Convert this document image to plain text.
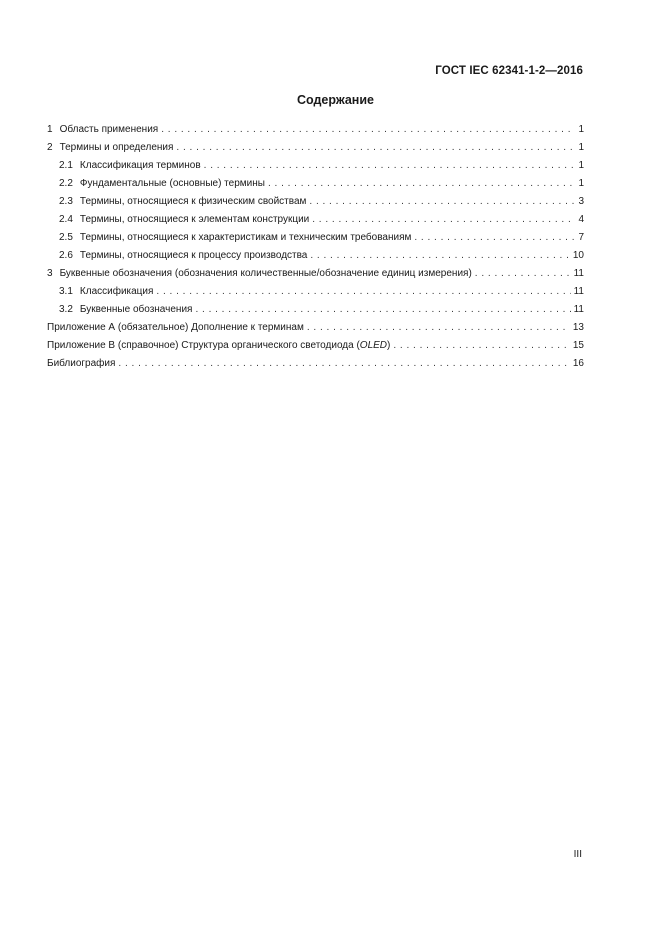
ГОСТ IEC 62341-1-2—2016
Содержание
1 Область применения . . .	1
2 Термины и определения . . .	1
2.1 Классификация терминов . . .	1
2.2 Фундаментальные (основные) термины . . .	1
2.3 Термины, относящиеся к физическим свойствам . . .	3
2.4 Термины, относящиеся к элементам конструкции . . .	4
2.5 Термины, относящиеся к характеристикам и техническим требованиям . . .	7
2.6 Термины, относящиеся к процессу производства . . .	10
3 Буквенные обозначения (обозначения количественные/обозначение единиц измерения) . . .	11
3.1 Классификация . . .	11
3.2 Буквенные обозначения . . .	11
Приложение А (обязательное) Дополнение к терминам . . .	13
Приложение В (справочное) Структура органического светодиода (OLED) . . .	15
Библиография . . .	16
III
